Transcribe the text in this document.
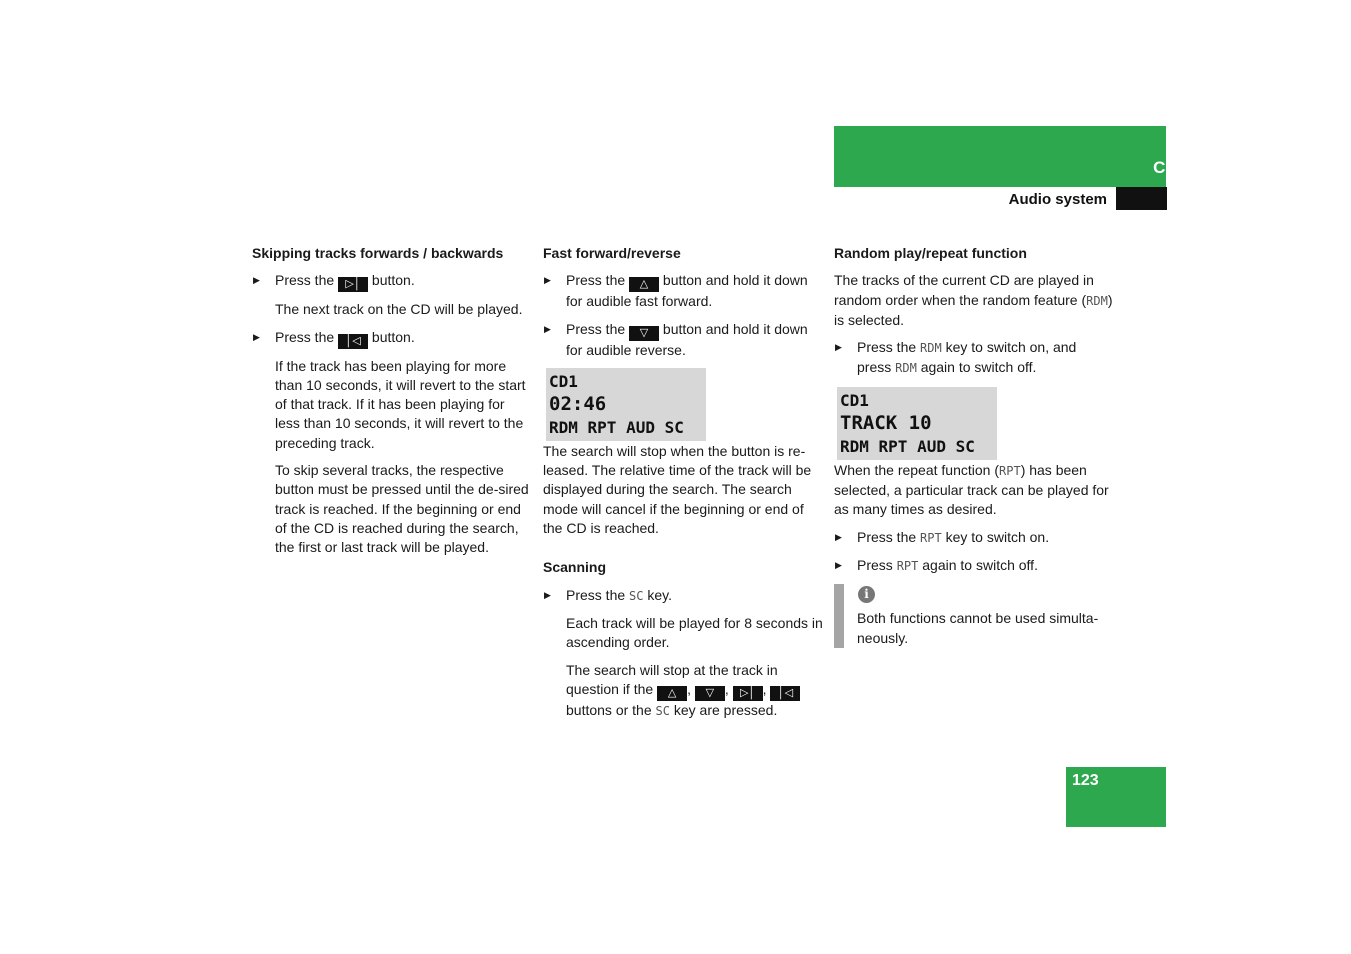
Controls in detail
Audio system
Skipping tracks forwards / backwards
▶ Press the ▷│ button.
The next track on the CD will be played.
▶ Press the │◁ button.
If the track has been playing for more than 10 seconds, it will revert to the start of that track. If it has been playing for less than 10 seconds, it will revert to the preceding track.
To skip several tracks, the respective button must be pressed until the de-sired track is reached. If the beginning or end of the CD is reached during the search, the first or last track will be played.
Fast forward/reverse
▶ Press the △ button and hold it down for audible fast forward.
▶ Press the ▽ button and hold it down for audible reverse.
CD1
02:46
RDM RPT AUD SC
The search will stop when the button is re-leased. The relative time of the track will be displayed during the search. The search mode will cancel if the beginning or end of the CD is reached.
Scanning
▶ Press the SC key.
Each track will be played for 8 seconds in ascending order.
The search will stop at the track in question if the △ , ▽ , ▷│ , │◁ buttons or the SC key are pressed.
Random play/repeat function
The tracks of the current CD are played in random order when the random feature (RDM) is selected.
▶ Press the RDM key to switch on, and press RDM again to switch off.
CD1
TRACK 10
RDM RPT AUD SC
When the repeat function (RPT) has been selected, a particular track can be played for as many times as desired.
▶ Press the RPT key to switch on.
▶ Press RPT again to switch off.
i
Both functions cannot be used simulta-neously.
123
